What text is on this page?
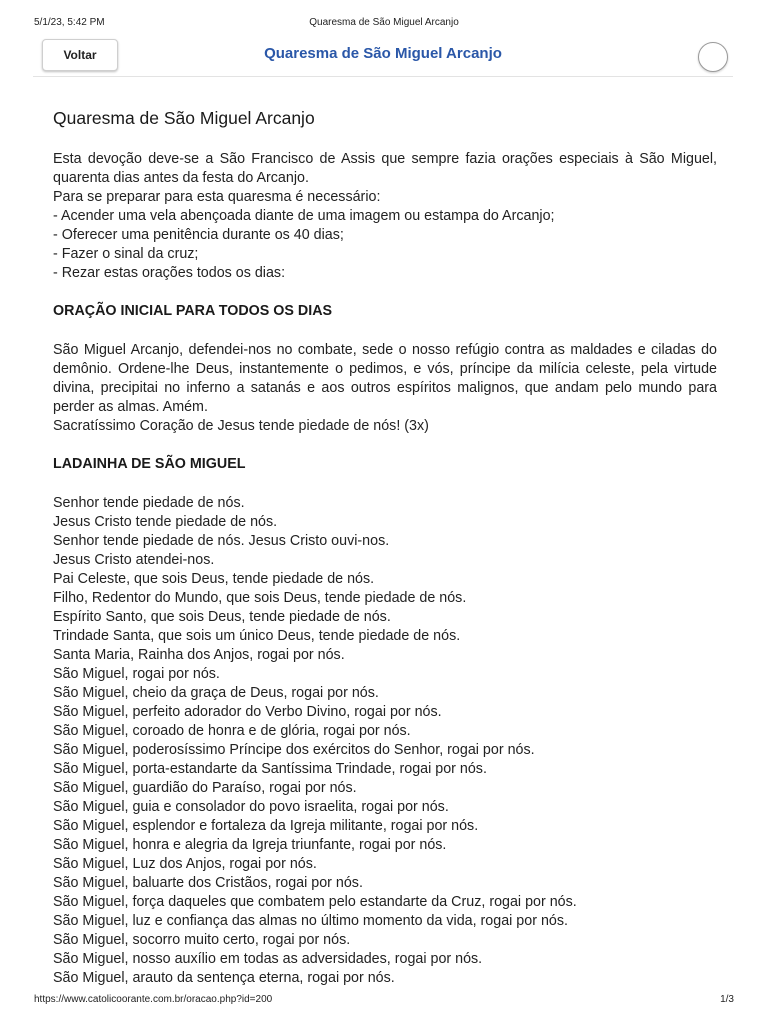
5/1/23, 5:42 PM	Quaresma de São Miguel Arcanjo
Voltar	Quaresma de São Miguel Arcanjo
Quaresma de São Miguel Arcanjo

Esta devoção deve-se a São Francisco de Assis que sempre fazia orações especiais à São Miguel, quarenta dias antes da festa do Arcanjo.

Para se preparar para esta quaresma é necessário:

- Acender uma vela abençoada diante de uma imagem ou estampa do Arcanjo;

- Oferecer uma penitência durante os 40 dias;

- Fazer o sinal da cruz;

- Rezar estas orações todos os dias:

ORAÇÃO INICIAL PARA TODOS OS DIAS

São Miguel Arcanjo, defendei-nos no combate, sede o nosso refúgio contra as maldades e ciladas do demônio. Ordene-lhe Deus, instantemente o pedimos, e vós, príncipe da milícia celeste, pela virtude divina, precipitai no inferno a satanás e aos outros espíritos malignos, que andam pelo mundo para perder as almas. Amém.

Sacratíssimo Coração de Jesus tende piedade de nós! (3x)

LADAINHA DE SÃO MIGUEL

Senhor tende piedade de nós.

Jesus Cristo tende piedade de nós.

Senhor tende piedade de nós. Jesus Cristo ouvi-nos.

Jesus Cristo atendei-nos.

Pai Celeste, que sois Deus, tende piedade de nós.

Filho, Redentor do Mundo, que sois Deus, tende piedade de nós.

Espírito Santo, que sois Deus, tende piedade de nós.

Trindade Santa, que sois um único Deus, tende piedade de nós.

Santa Maria, Rainha dos Anjos, rogai por nós.

São Miguel, rogai por nós.

São Miguel, cheio da graça de Deus, rogai por nós.

São Miguel, perfeito adorador do Verbo Divino, rogai por nós.

São Miguel, coroado de honra e de glória, rogai por nós.

São Miguel, poderosíssimo Príncipe dos exércitos do Senhor, rogai por nós.

São Miguel, porta-estandarte da Santíssima Trindade, rogai por nós.

São Miguel, guardião do Paraíso, rogai por nós.

São Miguel, guia e consolador do povo israelita, rogai por nós.

São Miguel, esplendor e fortaleza da Igreja militante, rogai por nós.

São Miguel, honra e alegria da Igreja triunfante, rogai por nós.

São Miguel, Luz dos Anjos, rogai por nós.

São Miguel, baluarte dos Cristãos, rogai por nós.

São Miguel, força daqueles que combatem pelo estandarte da Cruz, rogai por nós.

São Miguel, luz e confiança das almas no último momento da vida, rogai por nós.

São Miguel, socorro muito certo, rogai por nós.

São Miguel, nosso auxílio em todas as adversidades, rogai por nós.

São Miguel, arauto da sentença eterna, rogai por nós.

https://www.catolicoorante.com.br/oracao.php?id=200	1/3
